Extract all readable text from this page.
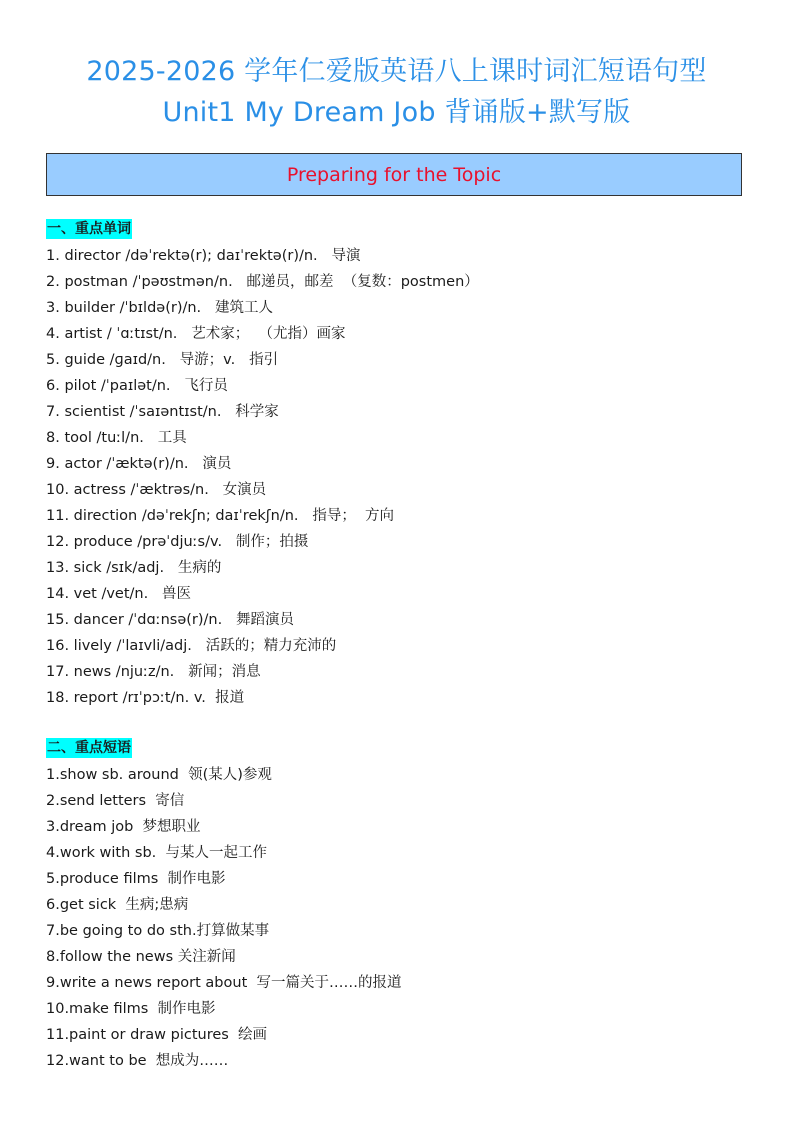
2025-2026 学年仁爱版英语八上课时词汇短语句型
Unit1 My Dream Job 背诵版+默写版
Preparing for the Topic
一、重点单词
1. director /dəˈrektə(r); daɪˈrektə(r)/n.   导演
2. postman /ˈpəʊstmən/n.   邮递员，邮差  （复数：postmen）
3. builder /ˈbɪldə(r)/n.   建筑工人
4. artist / ˈɑːtɪst/n.   艺术家；  （尤指）画家
5. guide /ɡaɪd/n.   导游；v.   指引
6. pilot /ˈpaɪlət/n.   飞行员
7. scientist /ˈsaɪəntɪst/n.   科学家
8. tool /tuːl/n.   工具
9. actor /ˈæktə(r)/n.   演员
10. actress /ˈæktrəs/n.   女演员
11. direction /dəˈrekʃn; daɪˈrekʃn/n.   指导；  方向
12. produce /prəˈdjuːs/v.   制作；拍摄
13. sick /sɪk/adj.   生病的
14. vet /vet/n.   兽医
15. dancer /ˈdɑːnsə(r)/n.   舞蹈演员
16. lively /ˈlaɪvli/adj.   活跃的；精力充沛的
17. news /njuːz/n.   新闻；消息
18. report /rɪˈpɔːt/n. v.  报道
二、重点短语
1.show sb. around  领(某人)参观
2.send letters  寄信
3.dream job  梦想职业
4.work with sb.  与某人一起工作
5.produce films  制作电影
6.get sick  生病;患病
7.be going to do sth.打算做某事
8.follow the news 关注新闻
9.write a news report about  写一篇关于……的报道
10.make films  制作电影
11.paint or draw pictures  绘画
12.want to be  想成为……
